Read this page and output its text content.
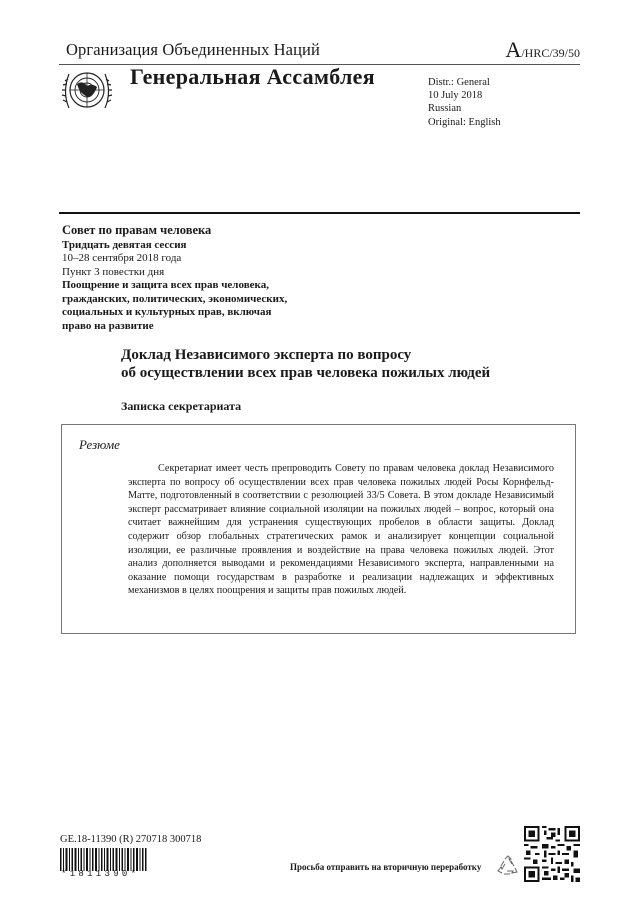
Организация Объединенных Наций	A/HRC/39/50
Генеральная Ассамблея	Distr.: General
10 July 2018
Russian
Original: English
Совет по правам человека
Тридцать девятая сессия
10–28 сентября 2018 года
Пункт 3 повестки дня
Поощрение и защита всех прав человека,
гражданских, политических, экономических,
социальных и культурных прав, включая
право на развитие
Доклад Независимого эксперта по вопросу
об осуществлении всех прав человека пожилых людей
Записка секретариата
Резюме
Секретариат имеет честь препроводить Совету по правам человека доклад Независимого эксперта по вопросу об осуществлении всех прав человека пожилых людей Росы Корнфельд-Матте, подготовленный в соответствии с резолюцией 33/5 Совета. В этом докладе Независимый эксперт рассматривает влияние социальной изоляции на пожилых людей – вопрос, который она считает важнейшим для устранения существующих пробелов в области защиты. Доклад содержит обзор глобальных стратегических рамок и анализирует концепции социальной изоляции, ее различные проявления и воздействие на права человека пожилых людей. Этот анализ дополняется выводами и рекомендациями Независимого эксперта, направленными на оказание помощи государствам в разработке и реализации надлежащих и эффективных механизмов в целях поощрения и защиты прав пожилых людей.
GE.18-11390 (R) 270718 300718
*1811390*
Просьба отправить на вторичную переработку
